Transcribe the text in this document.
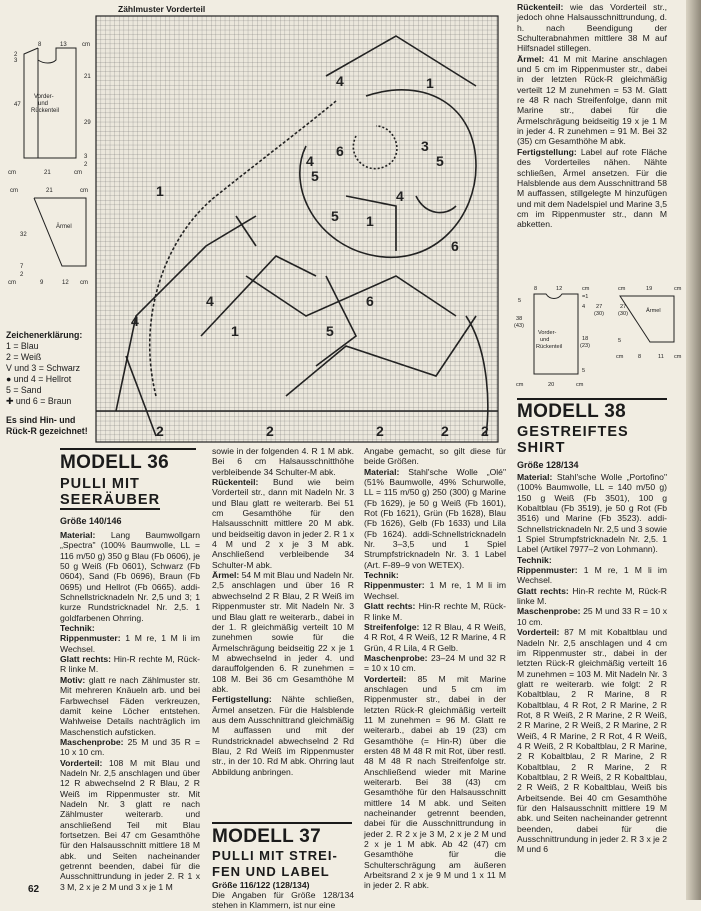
Zählmuster Vorderteil
1
1
1
1
4
4
4
4
4
5
5
5
5
6
6
6
2	2	2	2 2
3
8	13	cm
2
3
47
21
29
3
2
Vorder-
und
Rückenteil
cm	21	cm
cm	21	cm
32
7
2
Ärmel
cm	9	12 cm
Zeichenerklärung:
1 = Blau
2 = Weiß
V und 3 = Schwarz
● und 4 = Hellrot
5 = Sand
✚ und 6 = Braun
Es sind Hin- und Rück-R gezeichnet!
MODELL 36
PULLI MIT
SEERÄUBER
Größe 140/146
Material: Lang Baumwollgarn „Spectra" (100% Baumwolle, LL = 116 m/50 g) 350 g Blau (Fb 0606), je 50 g Weiß (Fb 0601), Schwarz (Fb 0604), Sand (Fb 0696), Braun (Fb 0695) und Hellrot (Fb 0665). addi-Schnellstricknadeln Nr. 2,5 und 3; 1 kurze Rundstricknadel Nr. 2,5. 1 goldfarbenen Ohrring.
Technik:
Rippenmuster: 1 M re, 1 M li im Wechsel.
Glatt rechts: Hin-R rechte M, Rück-R linke M.
Motiv: glatt re nach Zählmuster str. Mit mehreren Knäueln arb. und bei Farbwechsel Fäden verkreuzen, damit keine Löcher entstehen. Wahlweise Details nachträglich im Maschenstich aufsticken.
Maschenprobe: 25 M und 35 R = 10 x 10 cm.
Vorderteil: 108 M mit Blau und Nadeln Nr. 2,5 anschlagen und über 12 R abwechselnd 2 R Blau, 2 R Weiß im Rippenmuster str. Mit Nadeln Nr. 3 glatt re nach Zählmuster weiterarb. und anschließend Teil mit Blau fortsetzen. Bei 47 cm Gesamthöhe für den Halsausschnitt mittlere 18 M abk. und Seiten nacheinander getrennt beenden, dabei für die Ausschnittrundung in jeder 2. R 1 x 3 M, 2 x je 2 M und 3 x je 1 M
sowie in der folgenden 4. R 1 M abk. Bei 6 cm Halsausschnitthöhe verbleibende 34 Schulter-M abk.
Rückenteil: Bund wie beim Vorderteil str., dann mit Nadeln Nr. 3 und Blau glatt re weiterarb. Bei 51 cm Gesamthöhe für den Halsausschnitt mittlere 20 M abk. und beidseitig davon in jeder 2. R 1 x 4 M und 2 x je 3 M abk. Anschließend verbleibende 34 Schulter-M abk.
Ärmel: 54 M mit Blau und Nadeln Nr. 2,5 anschlagen und über 16 R abwechselnd 2 R Blau, 2 R Weiß im Rippenmuster str. Mit Nadeln Nr. 3 und Blau glatt re weiterarb., dabei in der 1. R gleichmäßig verteilt 10 M zunehmen sowie für die Ärmelschrägung beidseitig 22 x je 1 M abwechselnd in jeder 4. und darauffolgenden 6. R zunehmen = 108 M. Bei 36 cm Gesamthöhe M abk.
Fertigstellung: Nähte schließen, Ärmel ansetzen. Für die Halsblende aus dem Ausschnittrand gleichmäßig M auffassen und mit der Rundstricknadel abwechselnd 2 Rd Blau, 2 Rd Weiß im Rippenmuster str., in der 10. Rd M abk. Ohrring laut Abbildung anbringen.
MODELL 37
PULLI MIT STREI-
FEN UND LABEL
Größe 116/122 (128/134)
Die Angaben für Größe 128/134 stehen in Klammern, ist nur eine
Angabe gemacht, so gilt diese für beide Größen.
Material: Stahl'sche Wolle „Olé" (51% Baumwolle, 49% Schurwolle, LL = 115 m/50 g) 250 (300) g Marine (Fb 1629), je 50 g Weiß (Fb 1601), Rot (Fb 1621), Grün (Fb 1628), Blau (Fb 1626), Gelb (Fb 1633) und Lila (Fb 1624). addi-Schnellstricknadeln Nr. 3–3,5 und 1 Spiel Strumpfstricknadeln Nr. 3. 1 Label (Art. F-89–9 von WETEX).
Technik:
Rippenmuster: 1 M re, 1 M li im Wechsel.
Glatt rechts: Hin-R rechte M, Rück-R linke M.
Streifenfolge: 12 R Blau, 4 R Weiß, 4 R Rot, 4 R Weiß, 12 R Marine, 4 R Grün, 4 R Lila, 4 R Gelb.
Maschenprobe: 23–24 M und 32 R = 10 x 10 cm.
Vorderteil: 85 M mit Marine anschlagen und 5 cm im Rippenmuster str., dabei in der letzten Rück-R gleichmäßig verteilt 11 M zunehmen = 96 M. Glatt re weiterarb., dabei ab 19 (23) cm Gesamthöhe (= Hin-R) über die ersten 48 M 48 R mit Rot, über restl. 48 M 48 R nach Streifenfolge str. Anschließend wieder mit Marine weiterarb. Bei 38 (43) cm Gesamthöhe für den Halsausschnitt mittlere 14 M abk. und Seiten nacheinander getrennt beenden, dabei für die Ausschnittrundung in jeder 2. R 2 x je 3 M, 2 x je 2 M und 2 x je 1 M abk. Ab 42 (47) cm Gesamthöhe für die Schulterschrägung am äußeren Arbeitsrand 2 x je 9 M und 1 x 11 M in jeder 2. R abk.
Rückenteil: wie das Vorderteil str., jedoch ohne Halsausschnittrundung, d. h. nach Beendigung der Schulterabnahmen mittlere 38 M auf Hilfsnadel stillegen.
Ärmel: 41 M mit Marine anschlagen und 5 cm im Rippenmuster str., dabei in der letzten Rück-R gleichmäßig verteilt 12 M zunehmen = 53 M. Glatt re 48 R nach Streifenfolge, dann mit Marine str., dabei für die Ärmelschrägung beidseitig 19 x je 1 M in jeder 4. R zunehmen = 91 M. Bei 32 (35) cm Gesamthöhe M abk.
Fertigstellung: Label auf rote Fläche des Vorderteiles nähen. Nähte schließen, Ärmel ansetzen. Für die Halsblende aus dem Ausschnittrand 58 M auffassen, stillgelegte M hinzufügen und mit dem Nadelspiel und Marine 3,5 cm im Rippenmuster str., dann M abketten.
8	12	cm
5
38
(43)
=1
4 27
(30)
18
(23)
5
Vorder-
und
Rückenteil
cm	20	cm
cm	19	cm
Ärmel
27
(30)
5
cm	8	11 cm
MODELL 38
GESTREIFTES
SHIRT
Größe 128/134
Material: Stahl'sche Wolle „Portofino" (100% Baumwolle, LL = 140 m/50 g) 150 g Weiß (Fb 3501), 100 g Kobaltblau (Fb 3519), je 50 g Rot (Fb 3516) und Marine (Fb 3523). addi-Schnellstricknadeln Nr. 2,5 und 3 sowie 1 Spiel Strumpfstricknadeln Nr. 2,5. 1 Label (Artikel 7977–2 von Lohmann).
Technik:
Rippenmuster: 1 M re, 1 M li im Wechsel.
Glatt rechts: Hin-R rechte M, Rück-R linke M.
Maschenprobe: 25 M und 33 R = 10 x 10 cm.
Vorderteil: 87 M mit Kobaltblau und Nadeln Nr. 2,5 anschlagen und 4 cm im Rippenmuster str., dabei in der letzten Rück-R gleichmäßig verteilt 16 M zunehmen = 103 M. Mit Nadeln Nr. 3 glatt re weiterarb. wie folgt: 2 R Kobaltblau, 2 R Marine, 8 R Kobaltblau, 4 R Rot, 2 R Marine, 2 R Rot, 8 R Weiß, 2 R Marine, 2 R Weiß, 2 R Marine, 2 R Weiß, 2 R Marine, 2 R Weiß, 4 R Marine, 2 R Rot, 4 R Weiß, 4 R Weiß, 2 R Kobaltblau, 2 R Marine, 2 R Kobaltblau, 2 R Marine, 2 R Kobaltblau, 2 R Marine, 2 R Kobaltblau, 2 R Weiß, 2 R Kobaltblau, 2 R Weiß, 2 R Kobaltblau, Weiß bis Arbeitsende. Bei 40 cm Gesamthöhe für den Halsausschnitt mittlere 19 M abk. und Seiten nacheinander getrennt beenden, dabei für die Ausschnittrundung in jeder 2. R 3 x je 2 M und 6
62
